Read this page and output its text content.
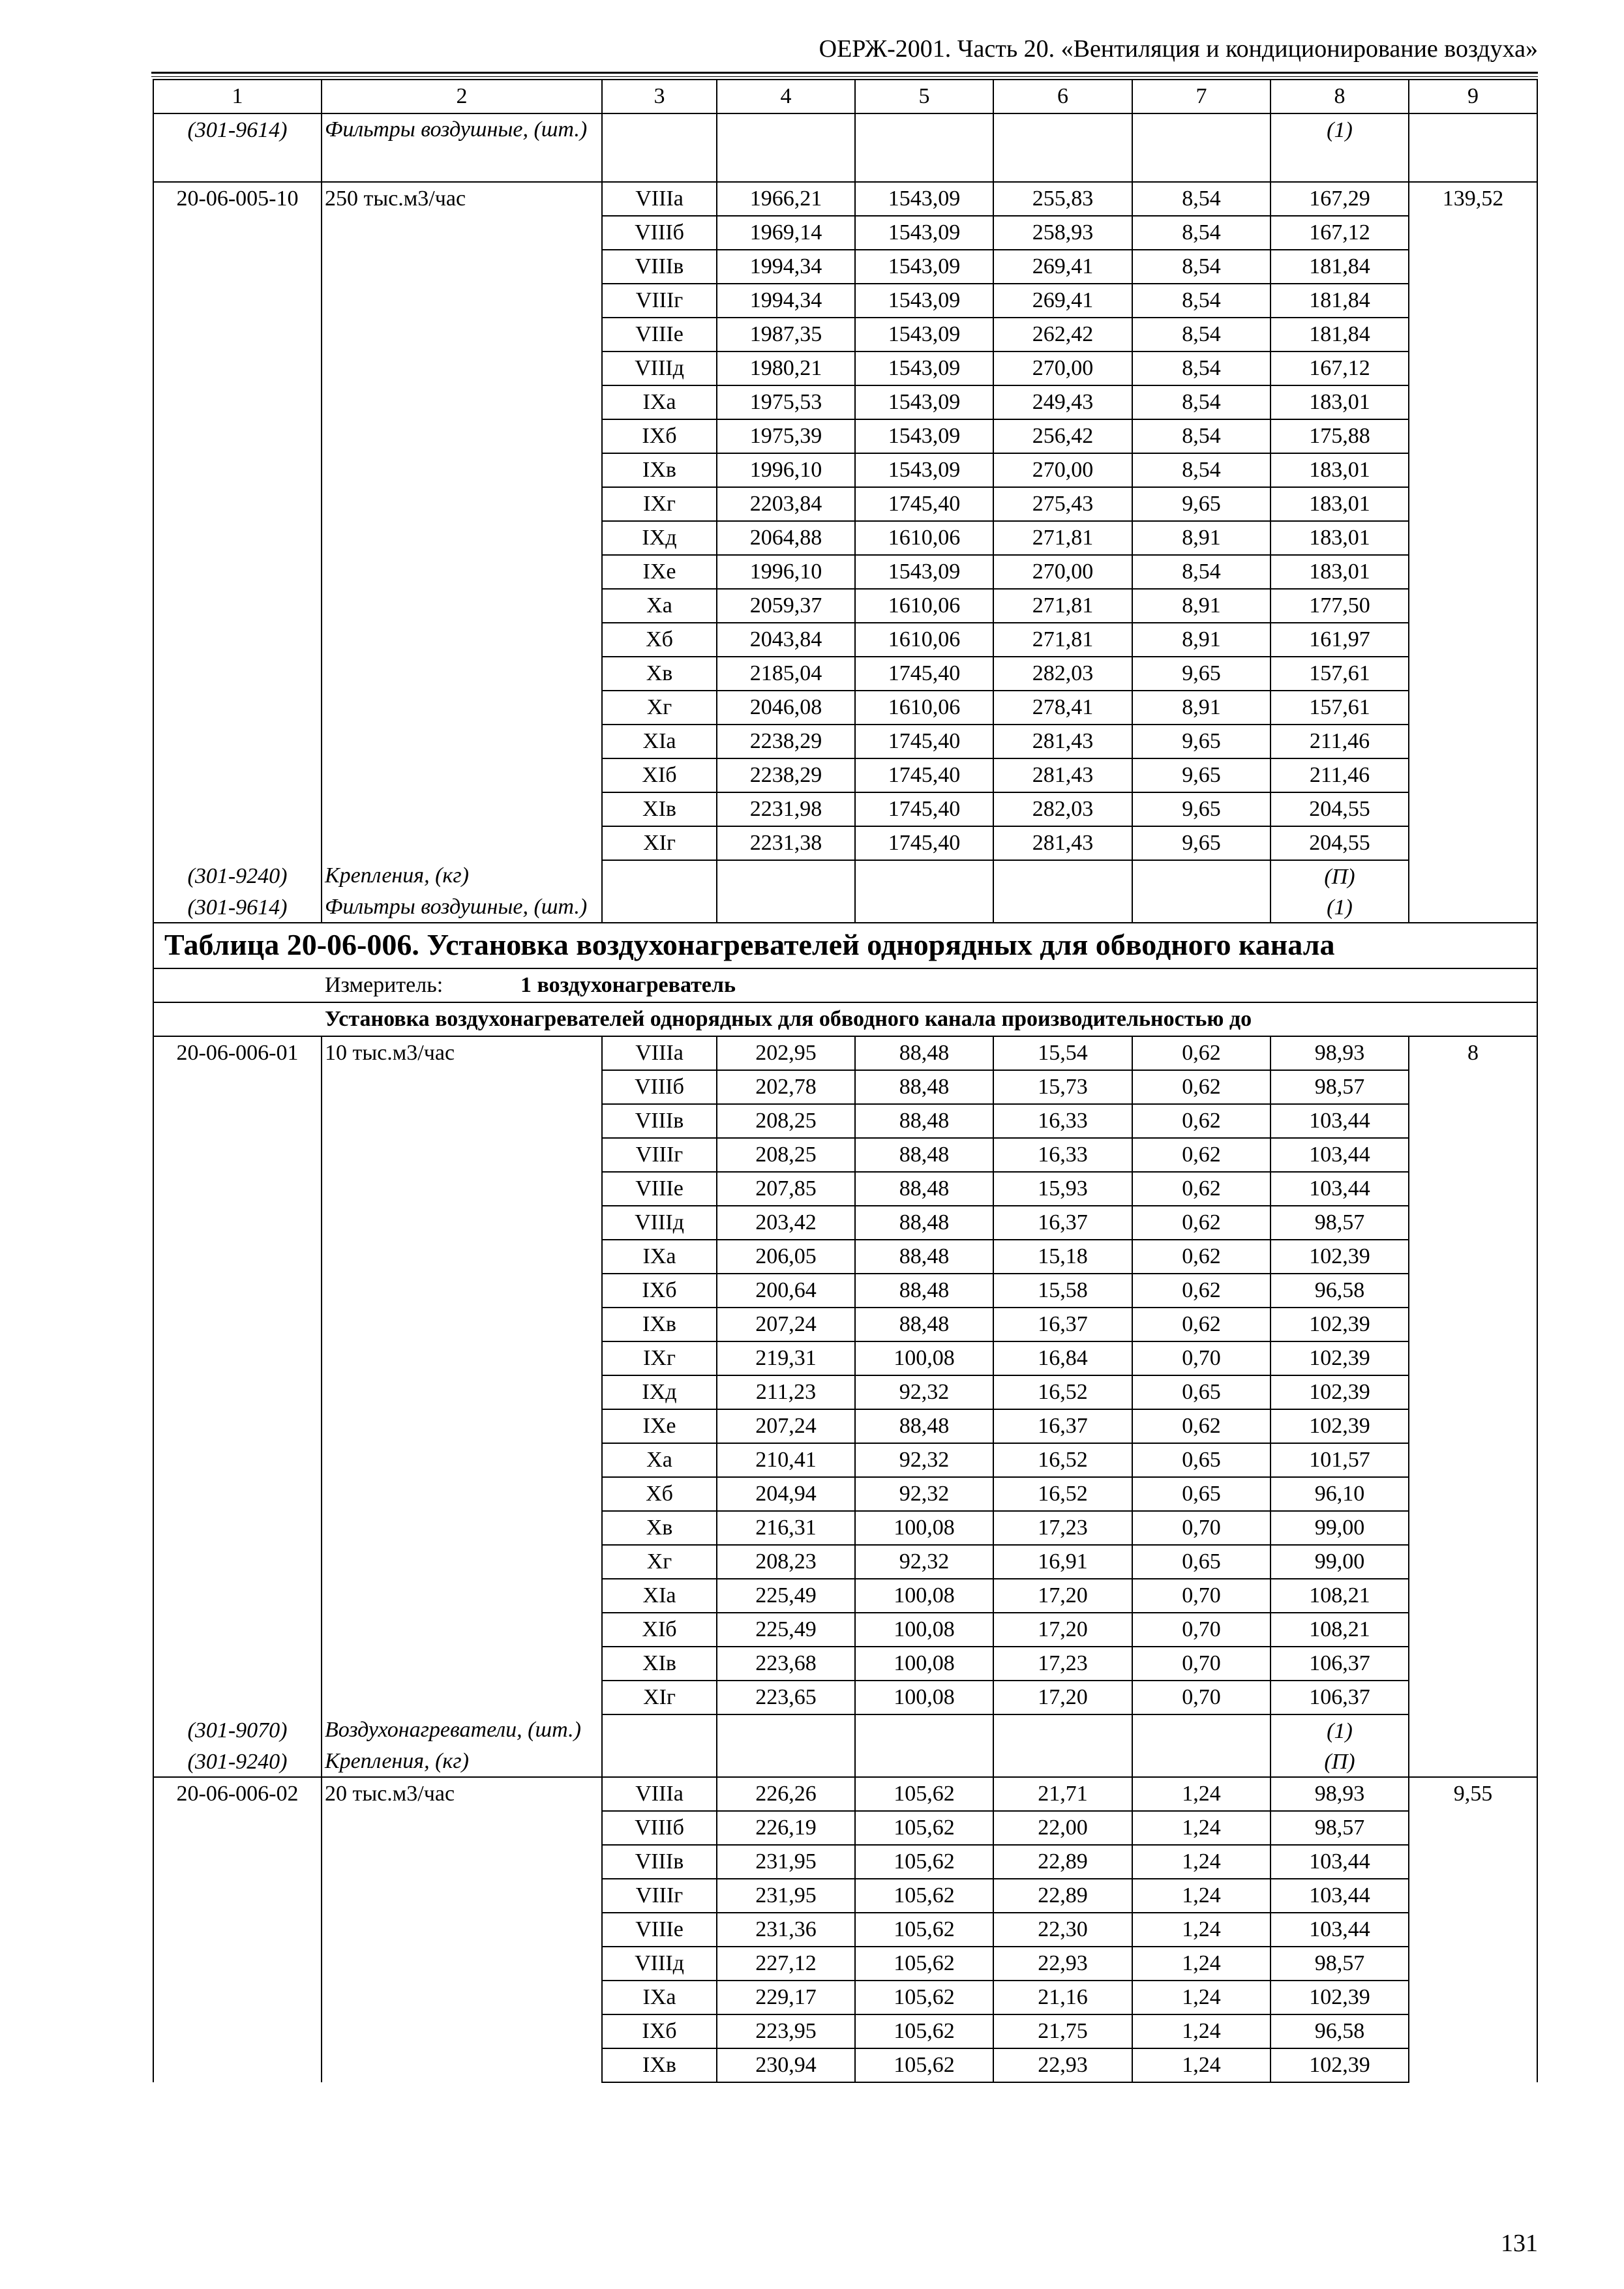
ОЕРЖ-2001. Часть 20. «Вентиляция и кондиционирование воздуха»
1	2	3	4	5	6	7	8	9
(301-9614)	Фильтры воздушные, (шт.)						(1)	
20-06-005-10	250 тыс.м3/час	VIIIа	1966,21	1543,09	255,83	8,54	167,29	139,52
		VIIIб	1969,14	1543,09	258,93	8,54	167,12	
		VIIIв	1994,34	1543,09	269,41	8,54	181,84	
		VIIIг	1994,34	1543,09	269,41	8,54	181,84	
		VIIIе	1987,35	1543,09	262,42	8,54	181,84	
		VIIIд	1980,21	1543,09	270,00	8,54	167,12	
		IXа	1975,53	1543,09	249,43	8,54	183,01	
		IXб	1975,39	1543,09	256,42	8,54	175,88	
		IXв	1996,10	1543,09	270,00	8,54	183,01	
		IXг	2203,84	1745,40	275,43	9,65	183,01	
		IXд	2064,88	1610,06	271,81	8,91	183,01	
		IXе	1996,10	1543,09	270,00	8,54	183,01	
		Xа	2059,37	1610,06	271,81	8,91	177,50	
		Xб	2043,84	1610,06	271,81	8,91	161,97	
		Xв	2185,04	1745,40	282,03	9,65	157,61	
		Xг	2046,08	1610,06	278,41	8,91	157,61	
		XIа	2238,29	1745,40	281,43	9,65	211,46	
		XIб	2238,29	1745,40	281,43	9,65	211,46	
		XIв	2231,98	1745,40	282,03	9,65	204,55	
		XIг	2231,38	1745,40	281,43	9,65	204,55	
(301-9240)	Крепления, (кг)						(П)	
(301-9614)	Фильтры воздушные, (шт.)						(1)	
Таблица 20-06-006. Установка воздухонагревателей однорядных для обводного канала								
Измеритель: 1 воздухонагреватель								
Установка воздухонагревателей однорядных для обводного канала производительностью до								
20-06-006-01	10 тыс.м3/час	VIIIа	202,95	88,48	15,54	0,62	98,93	8
		VIIIб	202,78	88,48	15,73	0,62	98,57	
		VIIIв	208,25	88,48	16,33	0,62	103,44	
		VIIIг	208,25	88,48	16,33	0,62	103,44	
		VIIIе	207,85	88,48	15,93	0,62	103,44	
		VIIIд	203,42	88,48	16,37	0,62	98,57	
		IXа	206,05	88,48	15,18	0,62	102,39	
		IXб	200,64	88,48	15,58	0,62	96,58	
		IXв	207,24	88,48	16,37	0,62	102,39	
		IXг	219,31	100,08	16,84	0,70	102,39	
		IXд	211,23	92,32	16,52	0,65	102,39	
		IXе	207,24	88,48	16,37	0,62	102,39	
		Xа	210,41	92,32	16,52	0,65	101,57	
		Xб	204,94	92,32	16,52	0,65	96,10	
		Xв	216,31	100,08	17,23	0,70	99,00	
		Xг	208,23	92,32	16,91	0,65	99,00	
		XIа	225,49	100,08	17,20	0,70	108,21	
		XIб	225,49	100,08	17,20	0,70	108,21	
		XIв	223,68	100,08	17,23	0,70	106,37	
		XIг	223,65	100,08	17,20	0,70	106,37	
(301-9070)	Воздухонагреватели, (шт.)						(1)	
(301-9240)	Крепления, (кг)						(П)	
20-06-006-02	20 тыс.м3/час	VIIIа	226,26	105,62	21,71	1,24	98,93	9,55
		VIIIб	226,19	105,62	22,00	1,24	98,57	
		VIIIв	231,95	105,62	22,89	1,24	103,44	
		VIIIг	231,95	105,62	22,89	1,24	103,44	
		VIIIе	231,36	105,62	22,30	1,24	103,44	
		VIIIд	227,12	105,62	22,93	1,24	98,57	
		IXа	229,17	105,62	21,16	1,24	102,39	
		IXб	223,95	105,62	21,75	1,24	96,58	
		IXв	230,94	105,62	22,93	1,24	102,39	
131
